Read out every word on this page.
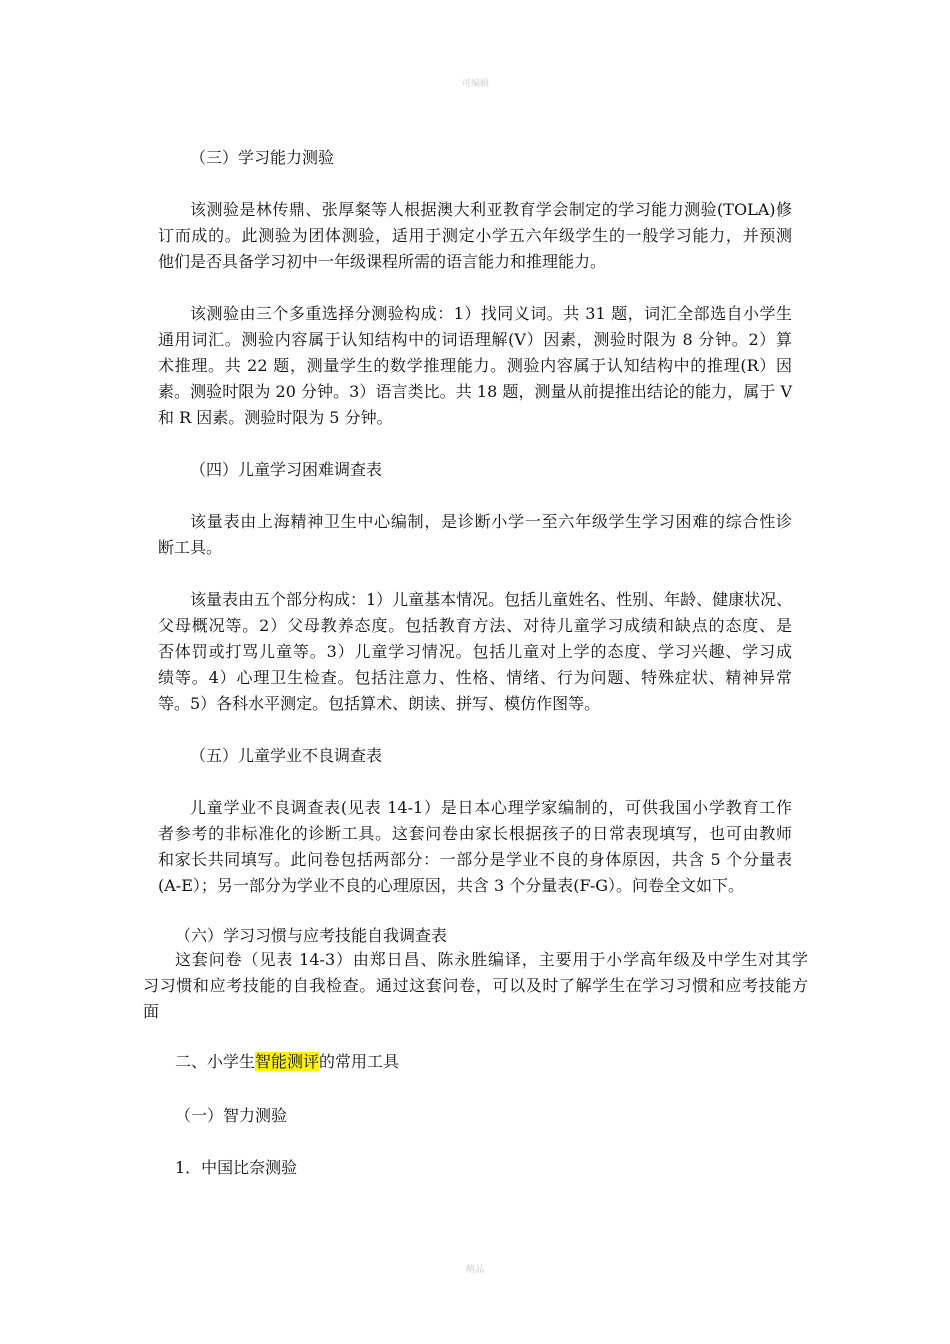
可编辑
（三）学习能力测验
该测验是林传鼎、张厚粲等人根据澳大利亚教育学会制定的学习能力测验(TOLA)修
订而成的。此测验为团体测验，适用于测定小学五六年级学生的一般学习能力，并预测
他们是否具备学习初中一年级课程所需的语言能力和推理能力。
该测验由三个多重选择分测验构成：1）找同义词。共 31 题，词汇全部选自小学生
通用词汇。测验内容属于认知结构中的词语理解(V）因素，测验时限为 8 分钟。2）算
术推理。共 22 题，测量学生的数学推理能力。测验内容属于认知结构中的推理(R）因
素。测验时限为 20 分钟。3）语言类比。共 18 题，测量从前提推出结论的能力，属于 V
和 R 因素。测验时限为 5 分钟。
（四）儿童学习困难调查表
该量表由上海精神卫生中心编制，是诊断小学一至六年级学生学习困难的综合性诊
断工具。
该量表由五个部分构成：1）儿童基本情况。包括儿童姓名、性别、年龄、健康状况、
父母概况等。2）父母教养态度。包括教育方法、对待儿童学习成绩和缺点的态度、是
否体罚或打骂儿童等。3）儿童学习情况。包括儿童对上学的态度、学习兴趣、学习成
绩等。4）心理卫生检查。包括注意力、性格、情绪、行为问题、特殊症状、精神异常
等。5）各科水平测定。包括算术、朗读、拼写、模仿作图等。
（五）儿童学业不良调查表
儿童学业不良调查表(见表 14-1）是日本心理学家编制的，可供我国小学教育工作
者参考的非标准化的诊断工具。这套问卷由家长根据孩子的日常表现填写，也可由教师
和家长共同填写。此问卷包括两部分：一部分是学业不良的身体原因，共含 5 个分量表
(A-E）；另一部分为学业不良的心理原因，共含 3 个分量表(F-G）。问卷全文如下。
（六）学习习惯与应考技能自我调查表
这套问卷（见表 14-3）由郑日昌、陈永胜编译，主要用于小学高年级及中学生对其学
习习惯和应考技能的自我检查。通过这套问卷，可以及时了解学生在学习习惯和应考技能方
面
二、小学生智能测评的常用工具
（一）智力测验
1．中国比奈测验
精品
